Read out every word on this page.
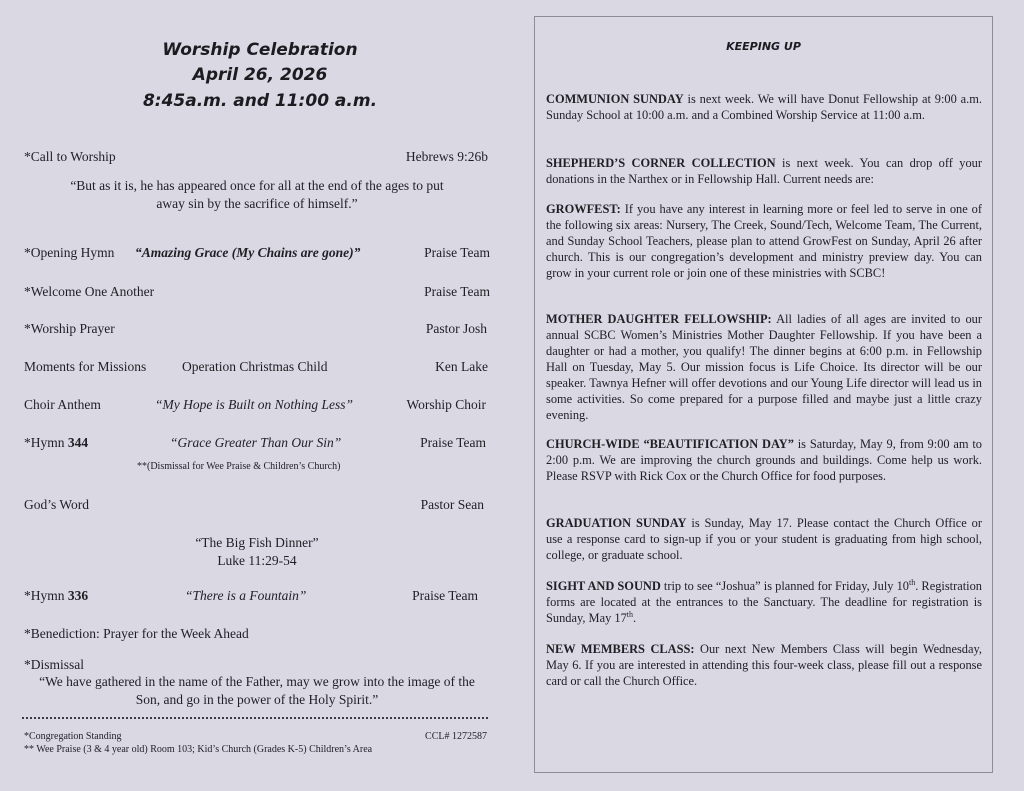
Worship Celebration
April 26, 2026
8:45a.m. and 11:00 a.m.
*Call to Worship	Hebrews 9:26b
“But as it is, he has appeared once for all at the end of the ages to put
away sin by the sacrifice of himself.”
*Opening Hymn “Amazing Grace (My Chains are gone)”	Praise Team
*Welcome One Another	Praise Team
*Worship Prayer	Pastor Josh
Moments for Missions	Operation Christmas Child	Ken Lake
Choir Anthem	“My Hope is Built on Nothing Less”	Worship Choir
*Hymn 344	“Grace Greater Than Our Sin”	Praise Team
**(Dismissal for Wee Praise & Children’s Church)
God’s Word	Pastor Sean
“The Big Fish Dinner”
Luke 11:29-54
*Hymn 336	“There is a Fountain”	Praise Team
*Benediction: Prayer for the Week Ahead
*Dismissal
“We have gathered in the name of the Father, may we grow into the image of the
Son, and go in the power of the Holy Spirit.”
*Congregation Standing	CCL# 1272587
** Wee Praise (3 & 4 year old) Room 103; Kid’s Church (Grades K-5) Children’s Area
KEEPING UP
COMMUNION SUNDAY is next week. We will have Donut Fellowship at 9:00 a.m. Sunday School at 10:00 a.m. and a Combined Worship Service at 11:00 a.m.
SHEPHERD’S CORNER COLLECTION is next week. You can drop off your donations in the Narthex or in Fellowship Hall. Current needs are:
GROWFEST: If you have any interest in learning more or feel led to serve in one of the following six areas: Nursery, The Creek, Sound/Tech, Welcome Team, The Current, and Sunday School Teachers, please plan to attend GrowFest on Sunday, April 26 after church. This is our congregation’s development and ministry preview day. You can grow in your current role or join one of these ministries with SCBC!
MOTHER DAUGHTER FELLOWSHIP: All ladies of all ages are invited to our annual SCBC Women’s Ministries Mother Daughter Fellowship. If you have been a daughter or had a mother, you qualify! The dinner begins at 6:00 p.m. in Fellowship Hall on Tuesday, May 5. Our mission focus is Life Choice. Its director will be our speaker. Tawnya Hefner will offer devotions and our Young Life director will lead us in some activities. So come prepared for a purpose filled and maybe just a little crazy evening.
CHURCH-WIDE “BEAUTIFICATION DAY” is Saturday, May 9, from 9:00 am to 2:00 p.m. We are improving the church grounds and buildings. Come help us work. Please RSVP with Rick Cox or the Church Office for food purposes.
GRADUATION SUNDAY is Sunday, May 17. Please contact the Church Office or use a response card to sign-up if you or your student is graduating from high school, college, or graduate school.
SIGHT AND SOUND trip to see “Joshua” is planned for Friday, July 10th. Registration forms are located at the entrances to the Sanctuary. The deadline for registration is Sunday, May 17th.
NEW MEMBERS CLASS: Our next New Members Class will begin Wednesday, May 6. If you are interested in attending this four-week class, please fill out a response card or call the Church Office.
